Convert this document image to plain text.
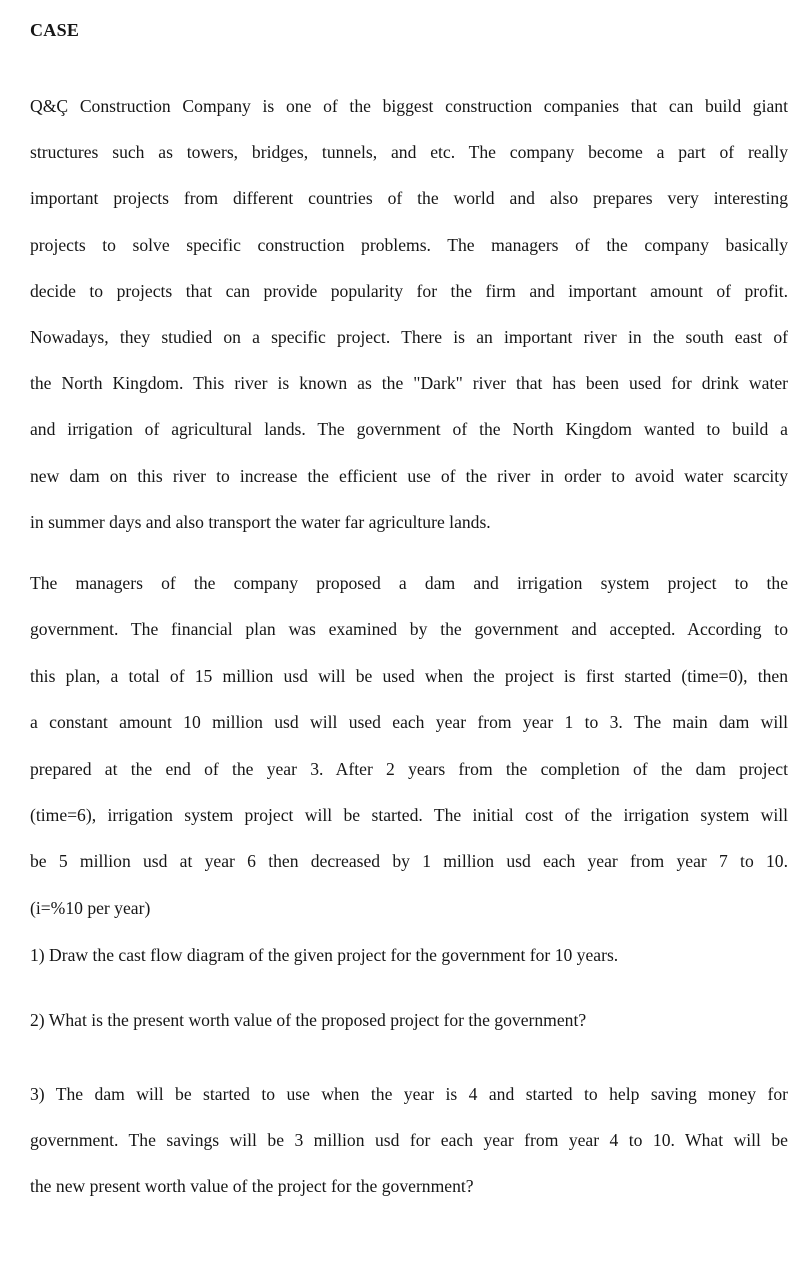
CASE

Q&Ç Construction Company is one of the biggest construction companies that can build giant
structures such as towers, bridges, tunnels, and etc. The company become a part of really
important projects from different countries of the world and also prepares very interesting
projects to solve specific construction problems. The managers of the company basically
decide to projects that can provide popularity for the firm and important amount of profit.
Nowadays, they studied on a specific project. There is an important river in the south east of
the North Kingdom. This river is known as the "Dark" river that has been used for drink water
and irrigation of agricultural lands. The government of the North Kingdom wanted to build a
new dam on this river to increase the efficient use of the river in order to avoid water scarcity
in summer days and also transport the water far agriculture lands.

The managers of the company proposed a dam and irrigation system project to the
government. The financial plan was examined by the government and accepted. According to
this plan, a total of 15 million usd will be used when the project is first started (time=0), then
a constant amount 10 million usd will used each year from year 1 to 3. The main dam will
prepared at the end of the year 3. After 2 years from the completion of the dam project
(time=6), irrigation system project will be started. The initial cost of the irrigation system will
be 5 million usd at year 6 then decreased by 1 million usd each year from year 7 to 10.
(i=%10 per year)

1) Draw the cast flow diagram of the given project for the government for 10 years.

2) What is the present worth value of the proposed project for the government?

3) The dam will be started to use when the year is 4 and started to help saving money for
government. The savings will be 3 million usd for each year from year 4 to 10. What will be
the new present worth value of the project for the government?
